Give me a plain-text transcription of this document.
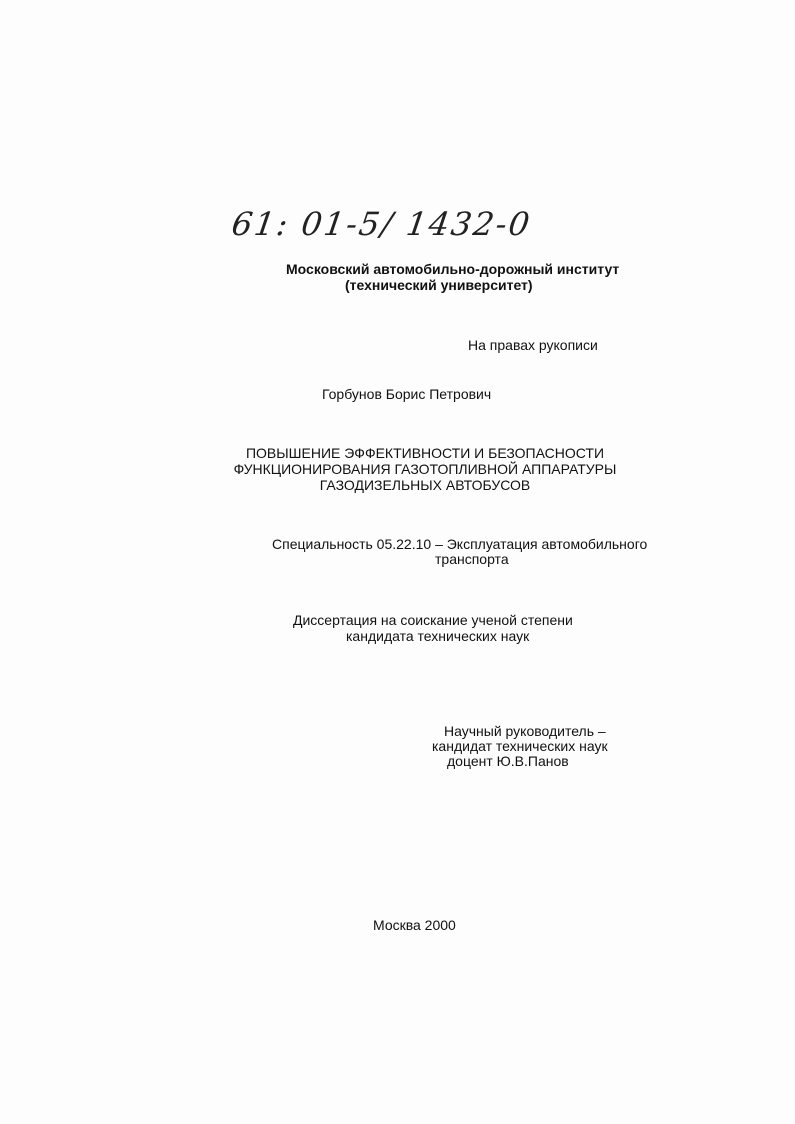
61: 01-5/ 1432-0
Московский автомобильно-дорожный институт
(технический университет)
На правах рукописи
Горбунов Борис Петрович
ПОВЫШЕНИЕ ЭФФЕКТИВНОСТИ И БЕЗОПАСНОСТИ
ФУНКЦИОНИРОВАНИЯ ГАЗОТОПЛИВНОЙ АППАРАТУРЫ
ГАЗОДИЗЕЛЬНЫХ АВТОБУСОВ
Специальность 05.22.10 – Эксплуатация автомобильного
транспорта
Диссертация на соискание ученой степени
кандидата технических наук
Научный руководитель –
кандидат технических наук
доцент Ю.В.Панов
Москва 2000
